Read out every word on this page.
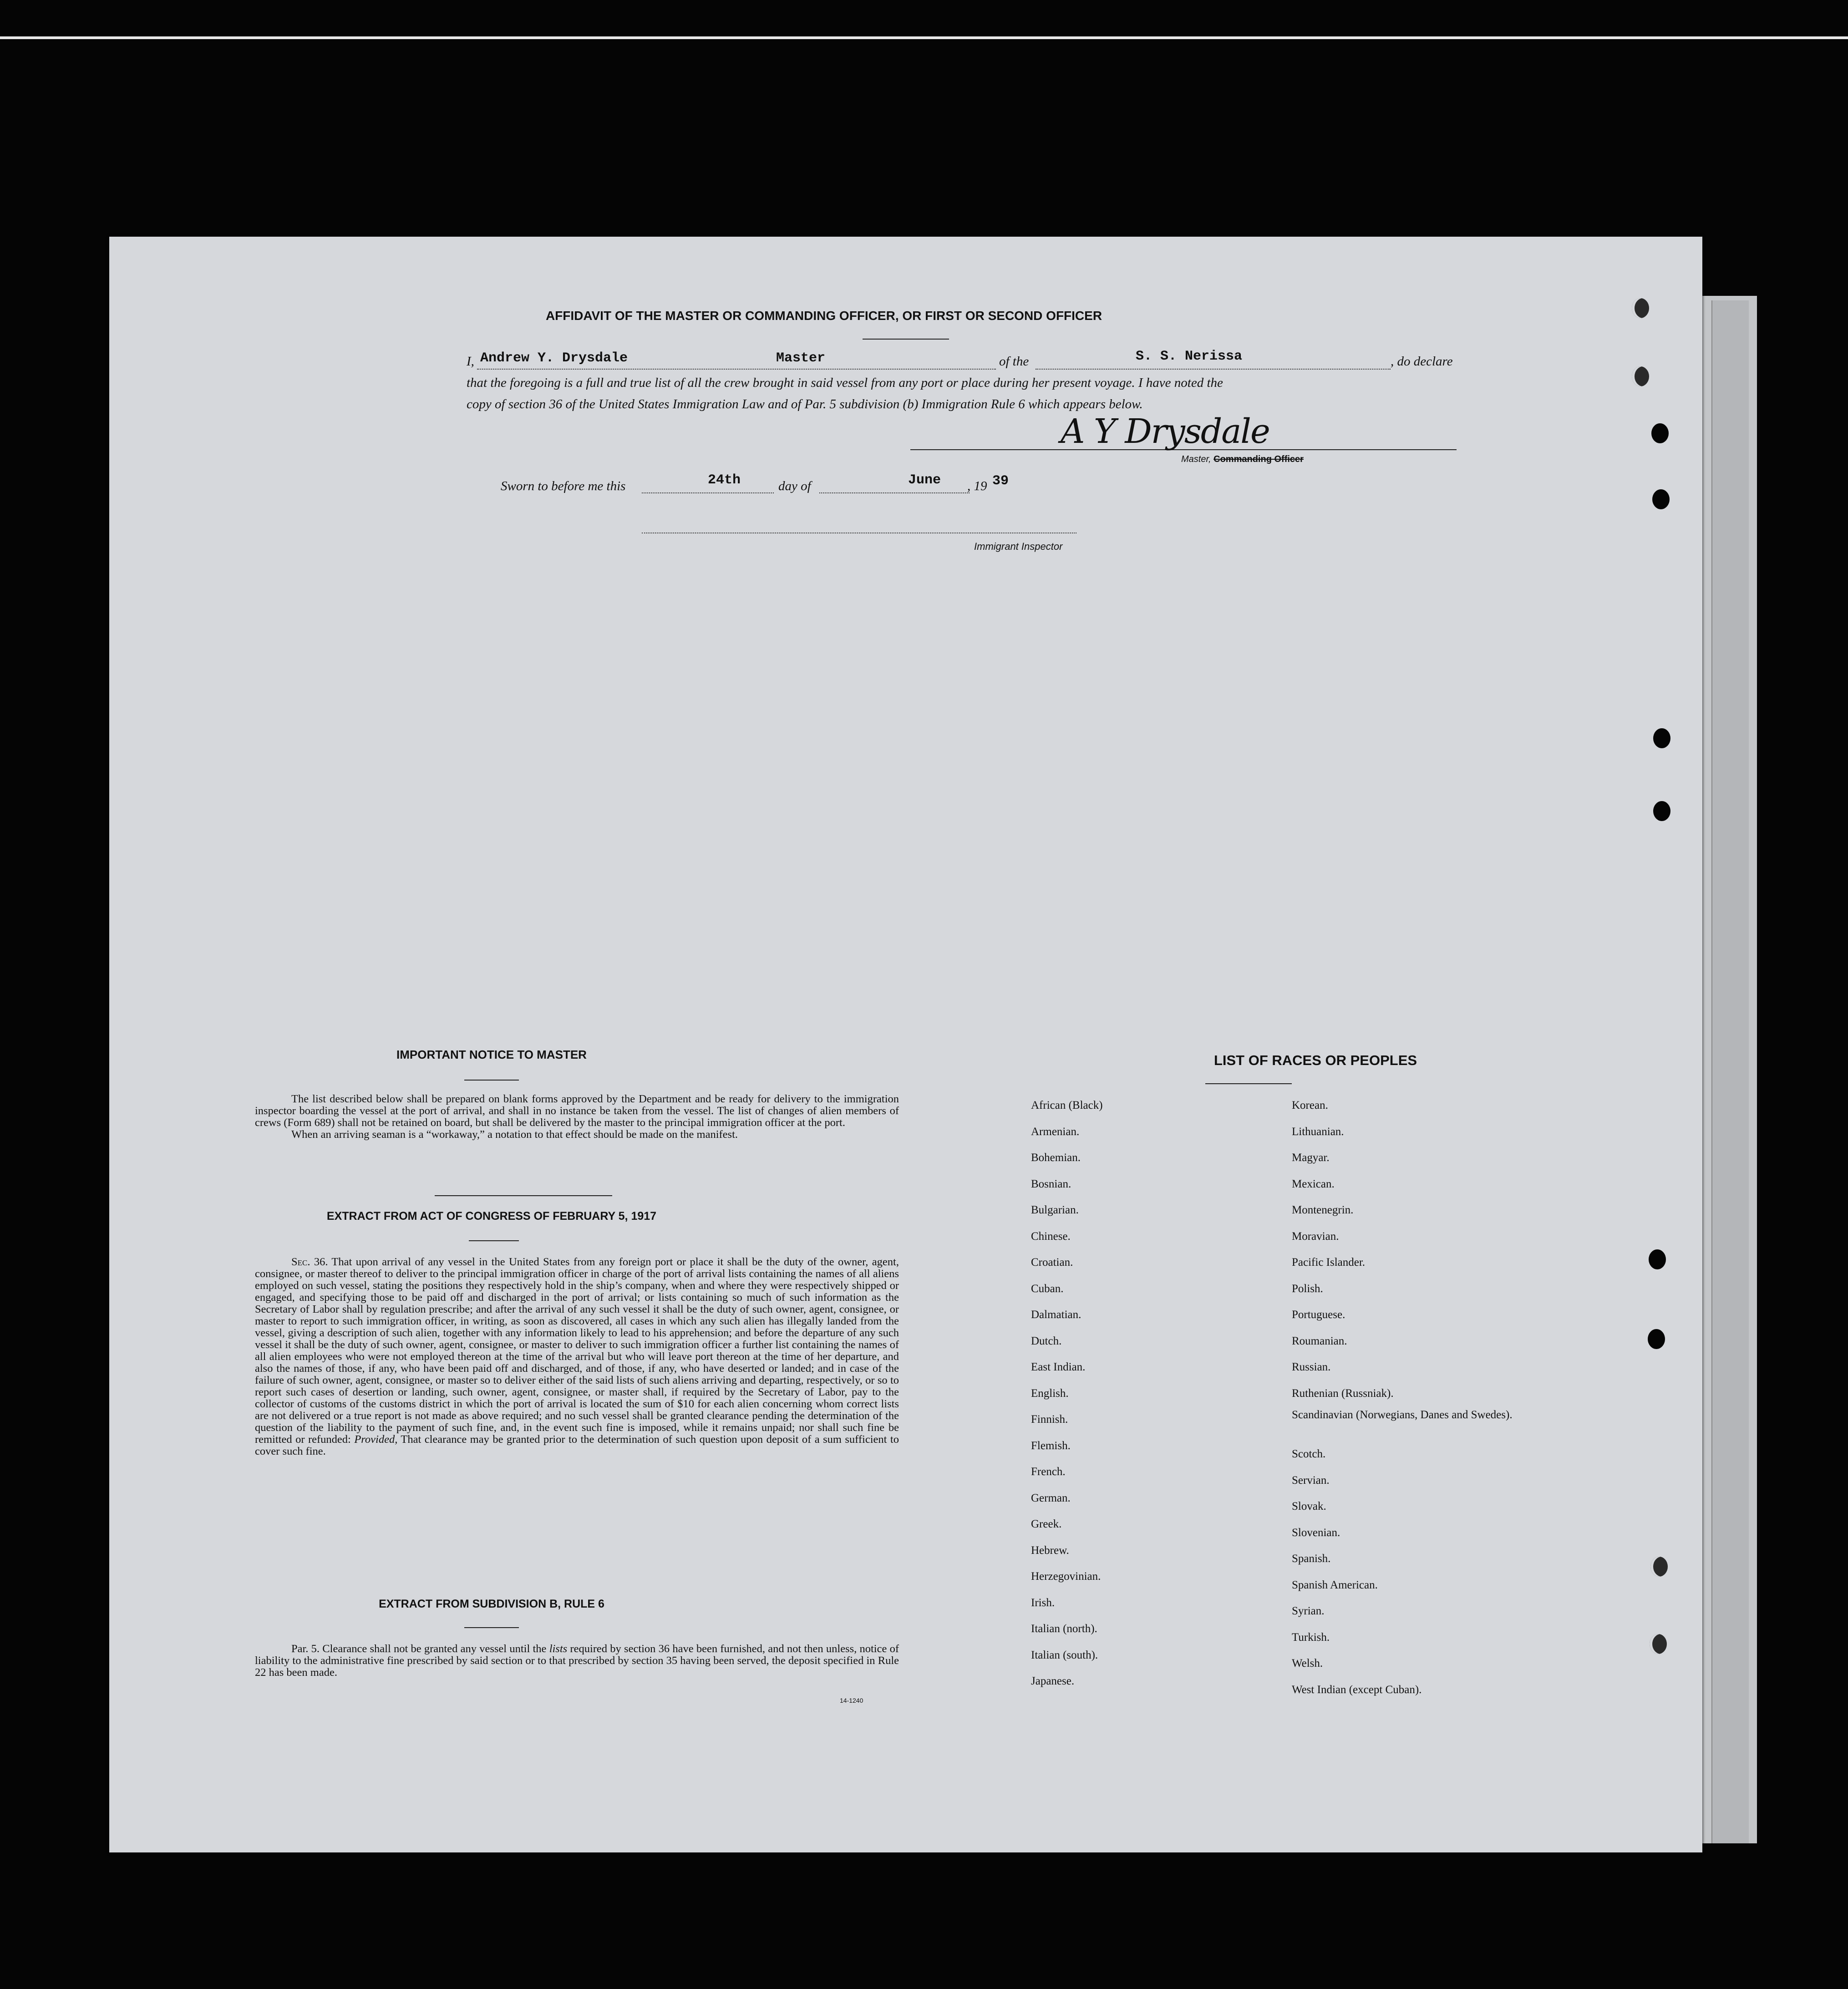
AFFIDAVIT OF THE MASTER OR COMMANDING OFFICER, OR FIRST OR SECOND OFFICER
I, Andrew Y. Drysdale	Master	of the	S. S. Nerissa	, do declare
that the foregoing is a full and true list of all the crew brought in said vessel from any port or place during her present voyage. I have noted the
copy of section 36 of the United States Immigration Law and of Par. 5 subdivision (b) Immigration Rule 6 which appears below.
A Y Drysdale
Master, Commanding Officer
Sworn to before me this	24th	day of	June , 19 39
Immigrant Inspector
IMPORTANT NOTICE TO MASTER
The list described below shall be prepared on blank forms approved by the Department and be ready for delivery to the immigration inspector boarding the vessel at the port of arrival, and shall in no instance be taken from the vessel. The list of changes of alien members of crews (Form 689) shall not be retained on board, but shall be delivered by the master to the principal immigration officer at the port.
When an arriving seaman is a “workaway,” a notation to that effect should be made on the manifest.
EXTRACT FROM ACT OF CONGRESS OF FEBRUARY 5, 1917
Sec. 36. That upon arrival of any vessel in the United States from any foreign port or place it shall be the duty of the owner, agent, consignee, or master thereof to deliver to the principal immigration officer in charge of the port of arrival lists containing the names of all aliens employed on such vessel, stating the positions they respectively hold in the ship’s company, when and where they were respectively shipped or engaged, and specifying those to be paid off and discharged in the port of arrival; or lists containing so much of such information as the Secretary of Labor shall by regulation prescribe; and after the arrival of any such vessel it shall be the duty of such owner, agent, consignee, or master to report to such immigration officer, in writing, as soon as discovered, all cases in which any such alien has illegally landed from the vessel, giving a description of such alien, together with any information likely to lead to his apprehension; and before the departure of any such vessel it shall be the duty of such owner, agent, consignee, or master to deliver to such immigration officer a further list containing the names of all alien employees who were not employed thereon at the time of the arrival but who will leave port thereon at the time of her departure, and also the names of those, if any, who have been paid off and discharged, and of those, if any, who have deserted or landed; and in case of the failure of such owner, agent, consignee, or master so to deliver either of the said lists of such aliens arriving and departing, respectively, or so to report such cases of desertion or landing, such owner, agent, consignee, or master shall, if required by the Secretary of Labor, pay to the collector of customs of the customs district in which the port of arrival is located the sum of $10 for each alien concerning whom correct lists are not delivered or a true report is not made as above required; and no such vessel shall be granted clearance pending the determination of the question of the liability to the payment of such fine, and, in the event such fine is imposed, while it remains unpaid; nor shall such fine be remitted or refunded: Provided, That clearance may be granted prior to the determination of such question upon deposit of a sum sufficient to cover such fine.
EXTRACT FROM SUBDIVISION B, RULE 6
Par. 5. Clearance shall not be granted any vessel until the lists required by section 36 have been furnished, and not then unless, notice of liability to the administrative fine prescribed by said section or to that prescribed by section 35 having been served, the deposit specified in Rule 22 has been made.
14-1240
LIST OF RACES OR PEOPLES
African (Black)
Armenian.
Bohemian.
Bosnian.
Bulgarian.
Chinese.
Croatian.
Cuban.
Dalmatian.
Dutch.
East Indian.
English.
Finnish.
Flemish.
French.
German.
Greek.
Hebrew.
Herzegovinian.
Irish.
Italian (north).
Italian (south).
Japanese.
Korean.
Lithuanian.
Magyar.
Mexican.
Montenegrin.
Moravian.
Pacific Islander.
Polish.
Portuguese.
Roumanian.
Russian.
Ruthenian (Russniak).
Scandinavian (Norwegians, Danes and Swedes).
Scotch.
Servian.
Slovak.
Slovenian.
Spanish.
Spanish American.
Syrian.
Turkish.
Welsh.
West Indian (except Cuban).
